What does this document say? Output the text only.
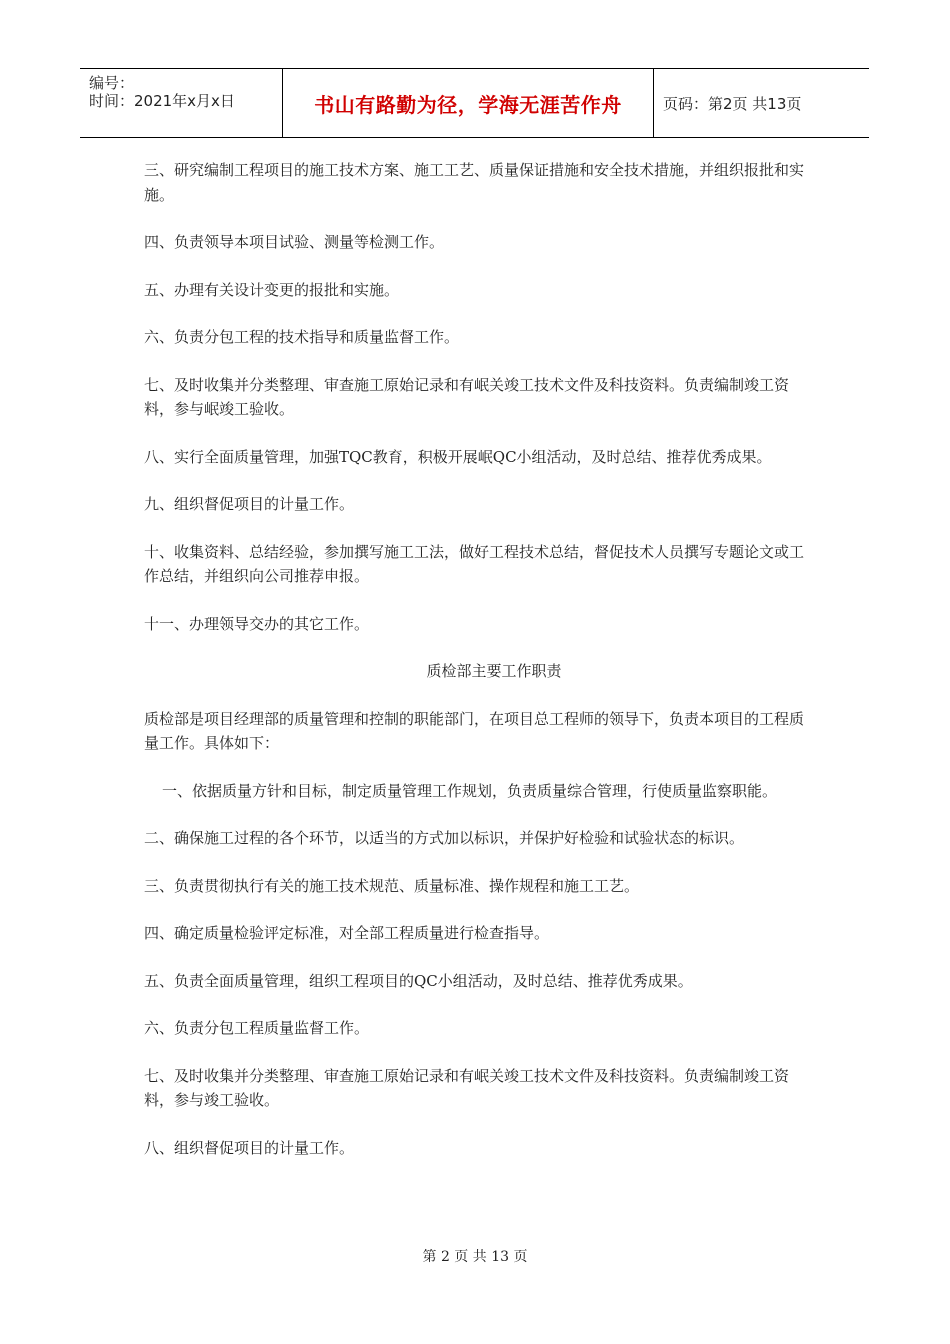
编号：
时间：2021年x月x日	书山有路勤为径，学海无涯苦作舟	页码：第2页 共13页

三、研究编制工程项目的施工技术方案、施工工艺、质量保证措施和安全技术措施，并组织报批和实施。

四、负责领导本项目试验、测量等检测工作。

五、办理有关设计变更的报批和实施。

六、负责分包工程的技术指导和质量监督工作。

七、及时收集并分类整理、审查施工原始记录和有岷关竣工技术文件及科技资料。负责编制竣工资料，参与岷竣工验收。

八、实行全面质量管理，加强TQC教育，积极开展岷QC小组活动，及时总结、推荐优秀成果。

九、组织督促项目的计量工作。

十、收集资料、总结经验，参加撰写施工工法，做好工程技术总结，督促技术人员撰写专题论文或工作总结，并组织向公司推荐申报。

十一、办理领导交办的其它工作。

质检部主要工作职责

质检部是项目经理部的质量管理和控制的职能部门，在项目总工程师的领导下，负责本项目的工程质量工作。具体如下：

一、依据质量方针和目标，制定质量管理工作规划，负责质量综合管理，行使质量监察职能。

二、确保施工过程的各个环节，以适当的方式加以标识，并保护好检验和试验状态的标识。

三、负责贯彻执行有关的施工技术规范、质量标准、操作规程和施工工艺。

四、确定质量检验评定标准，对全部工程质量进行检查指导。

五、负责全面质量管理，组织工程项目的QC小组活动，及时总结、推荐优秀成果。

六、负责分包工程质量监督工作。

七、及时收集并分类整理、审查施工原始记录和有岷关竣工技术文件及科技资料。负责编制竣工资料，参与竣工验收。

八、组织督促项目的计量工作。

第 2 页 共 13 页
